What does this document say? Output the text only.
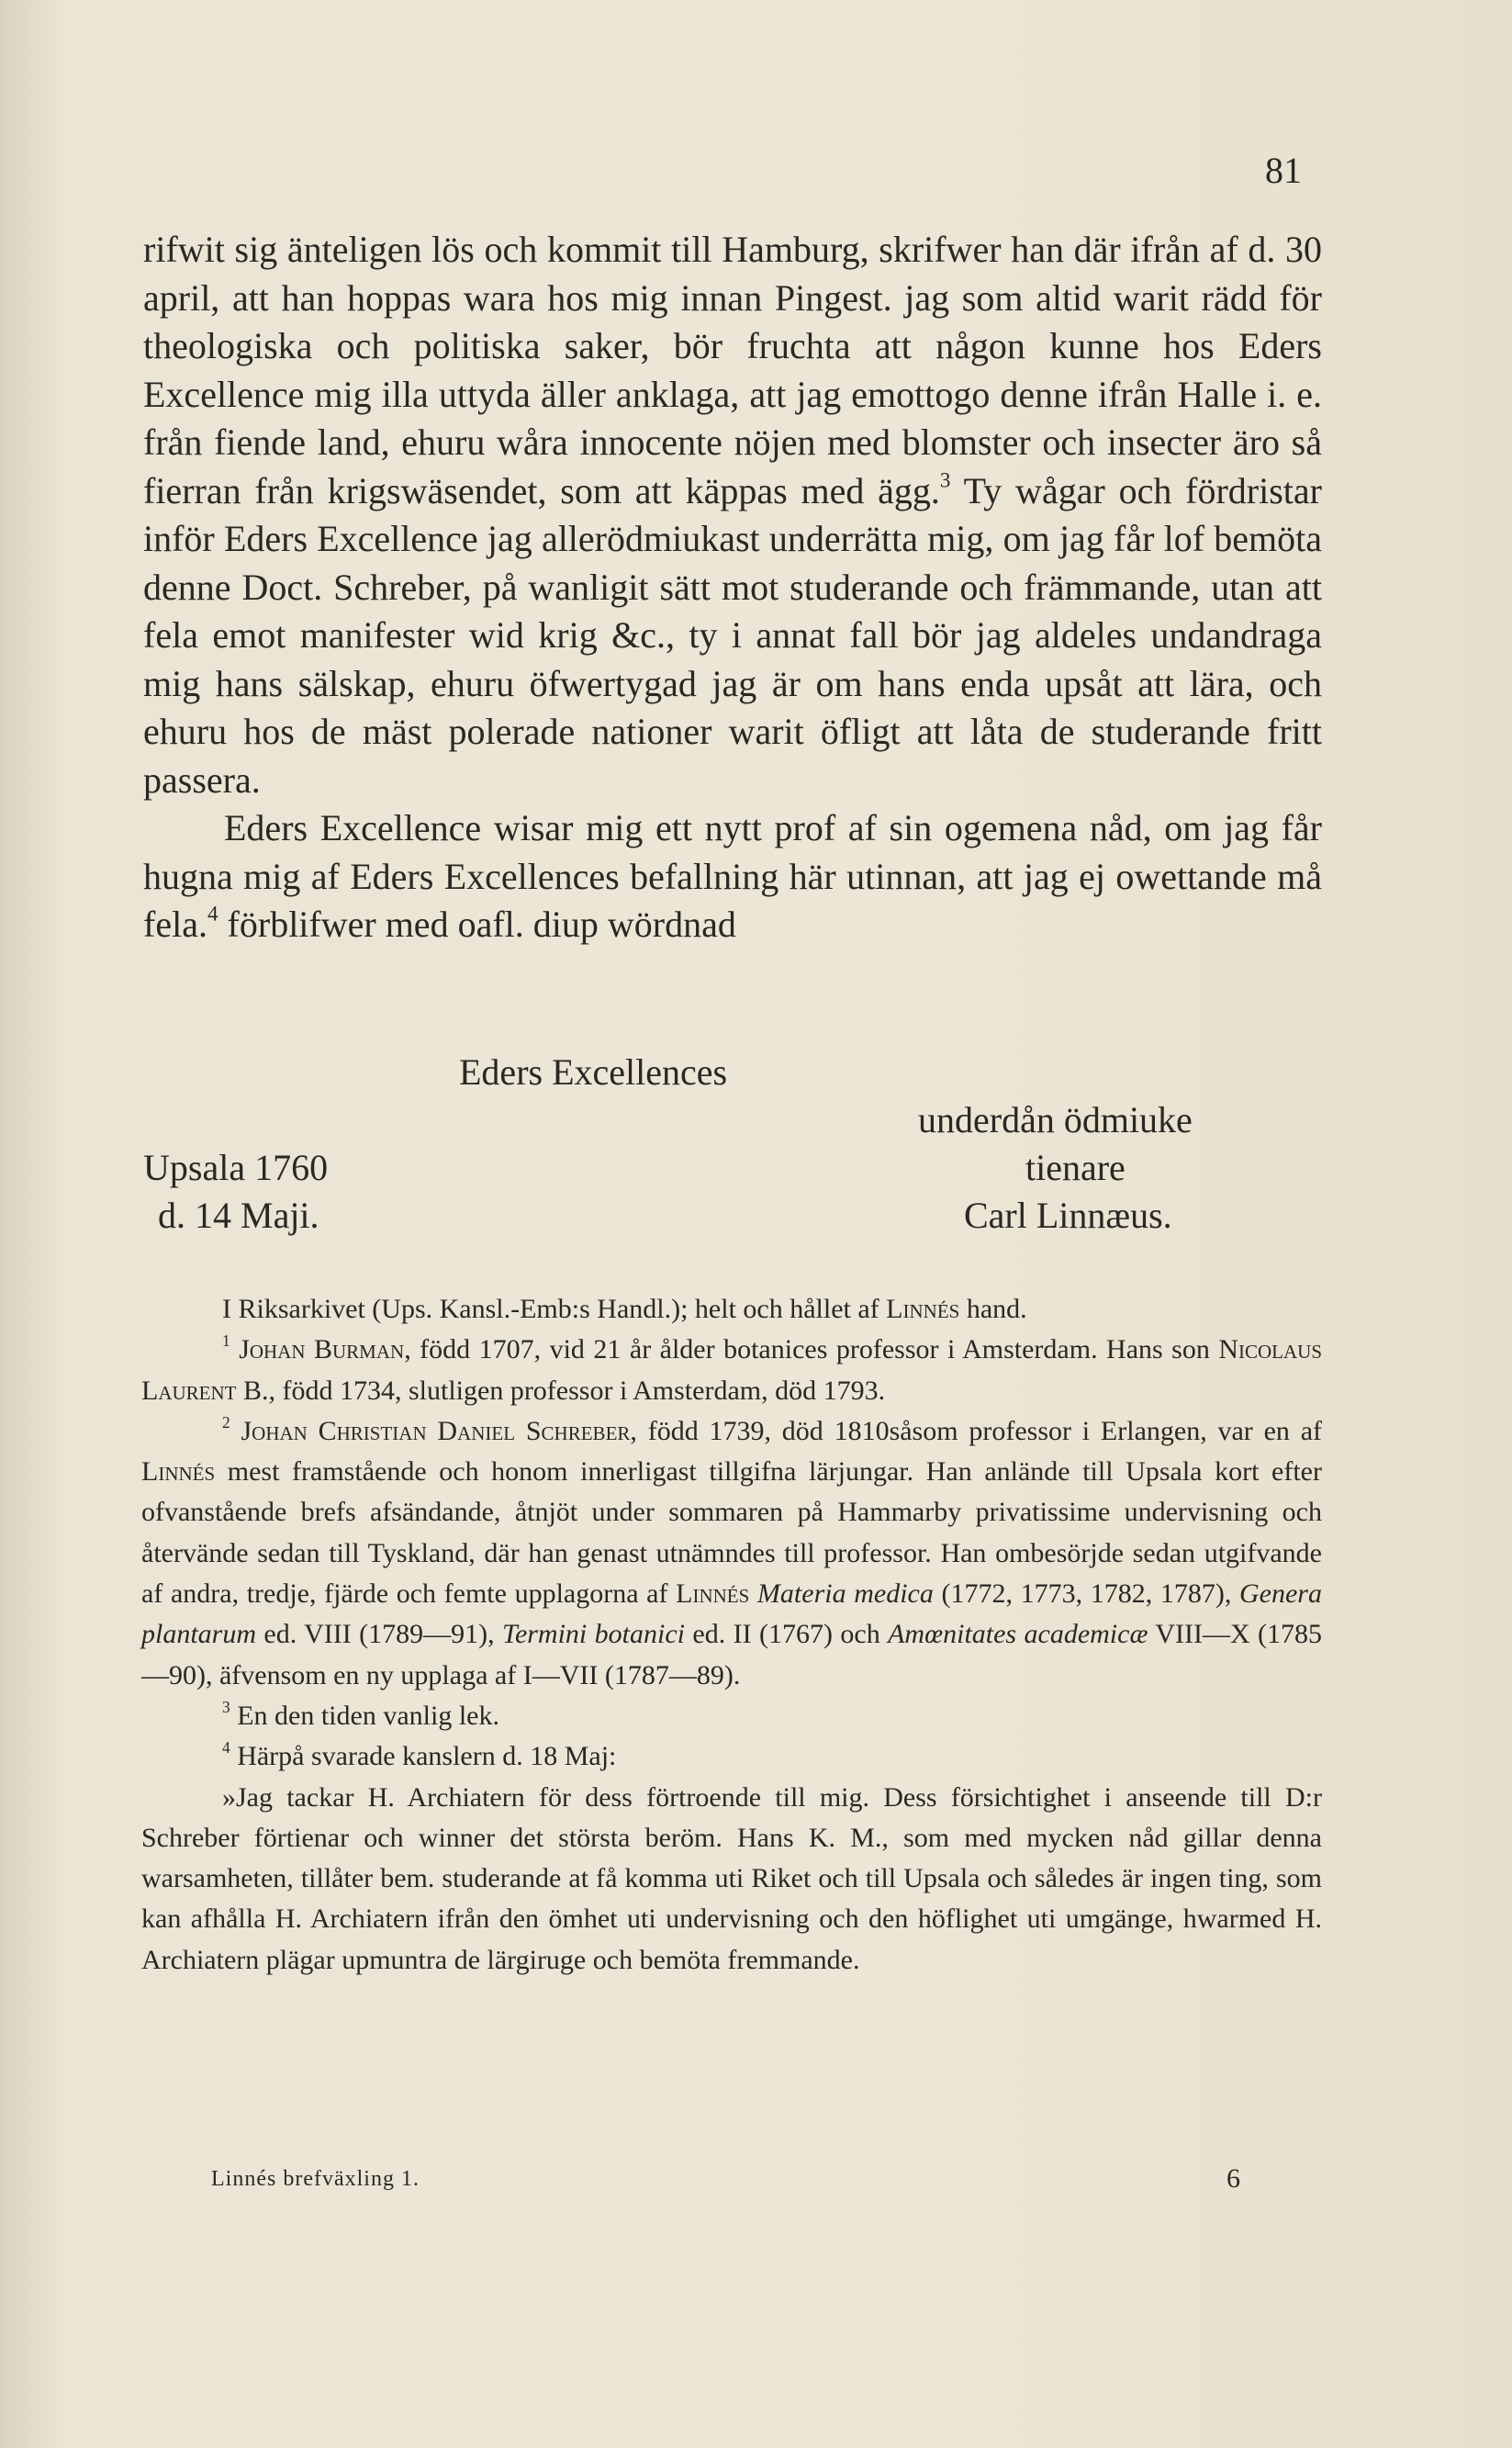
81

rifwit sig änteligen lös och kommit till Hamburg, skrifwer han där ifrån af d. 30 april, att han hoppas wara hos mig innan Pingest. jag som altid warit rädd för theologiska och politiska saker, bör fruchta att någon kunne hos Eders Excellence mig illa uttyda äller anklaga, att jag emottogo denne ifrån Halle i. e. från fiende land, ehuru wåra innocente nöjen med blomster och insecter äro så fierran från krigswäsendet, som att käppas med ägg.$^3$ Ty wågar och fördristar inför Eders Excellence jag allerödmiukast underrätta mig, om jag får lof bemöta denne Doct. Schreber, på wanligit sätt mot studerande och främmande, utan att fela emot manifester wid krig &c., ty i annat fall bör jag aldeles undandraga mig hans sälskap, ehuru öfwertygad jag är om hans enda upsåt att lära, och ehuru hos de mäst polerade nationer warit öfligt att låta de studerande fritt passera.

Eders Excellence wisar mig ett nytt prof af sin ogemena nåd, om jag får hugna mig af Eders Excellences befallning här utinnan, att jag ej owettande må fela.$^4$ förblifwer med oafl. diup wördnad

Eders Excellences
underdån ödmiuke
Upsala 1760	tienare
d. 14 Maji.	Carl Linnæus.

I Riksarkivet (Ups. Kansl.-Emb:s Handl.); helt och hållet af Linnés hand.

$^1$ Johan Burman, född 1707, vid 21 år ålder botanices professor i Amsterdam. Hans son Nicolaus Laurent B., född 1734, slutligen professor i Amsterdam, död 1793.

$^2$ Johan Christian Daniel Schreber, född 1739, död 1810såsom professor i Erlangen, var en af Linnés mest framstående och honom innerligast tillgifna lärjungar. Han anlände till Upsala kort efter ofvanstående brefs afsändande, åtnjöt under sommaren på Hammarby privatissime undervisning och återvände sedan till Tyskland, där han genast utnämndes till professor. Han ombesörjde sedan utgifvande af andra, tredje, fjärde och femte upplagorna af Linnés Materia medica (1772, 1773, 1782, 1787), Genera plantarum ed. VIII (1789—91), Termini botanici ed. II (1767) och Amœnitates academicæ VIII—X (1785—90), äfvensom en ny upplaga af I—VII (1787—89).

$^3$ En den tiden vanlig lek.

$^4$ Härpå svarade kanslern d. 18 Maj:

»Jag tackar H. Archiatern för dess förtroende till mig. Dess försichtighet i anseende till D:r Schreber förtienar och winner det största beröm. Hans K. M., som med mycken nåd gillar denna warsamheten, tillåter bem. studerande at få komma uti Riket och till Upsala och således är ingen ting, som kan afhålla H. Archiatern ifrån den ömhet uti undervisning och den höflighet uti umgänge, hwarmed H. Archiatern plägar upmuntra de lärgiruge och bemöta fremmande.

Linnés brefväxling 1.	6
